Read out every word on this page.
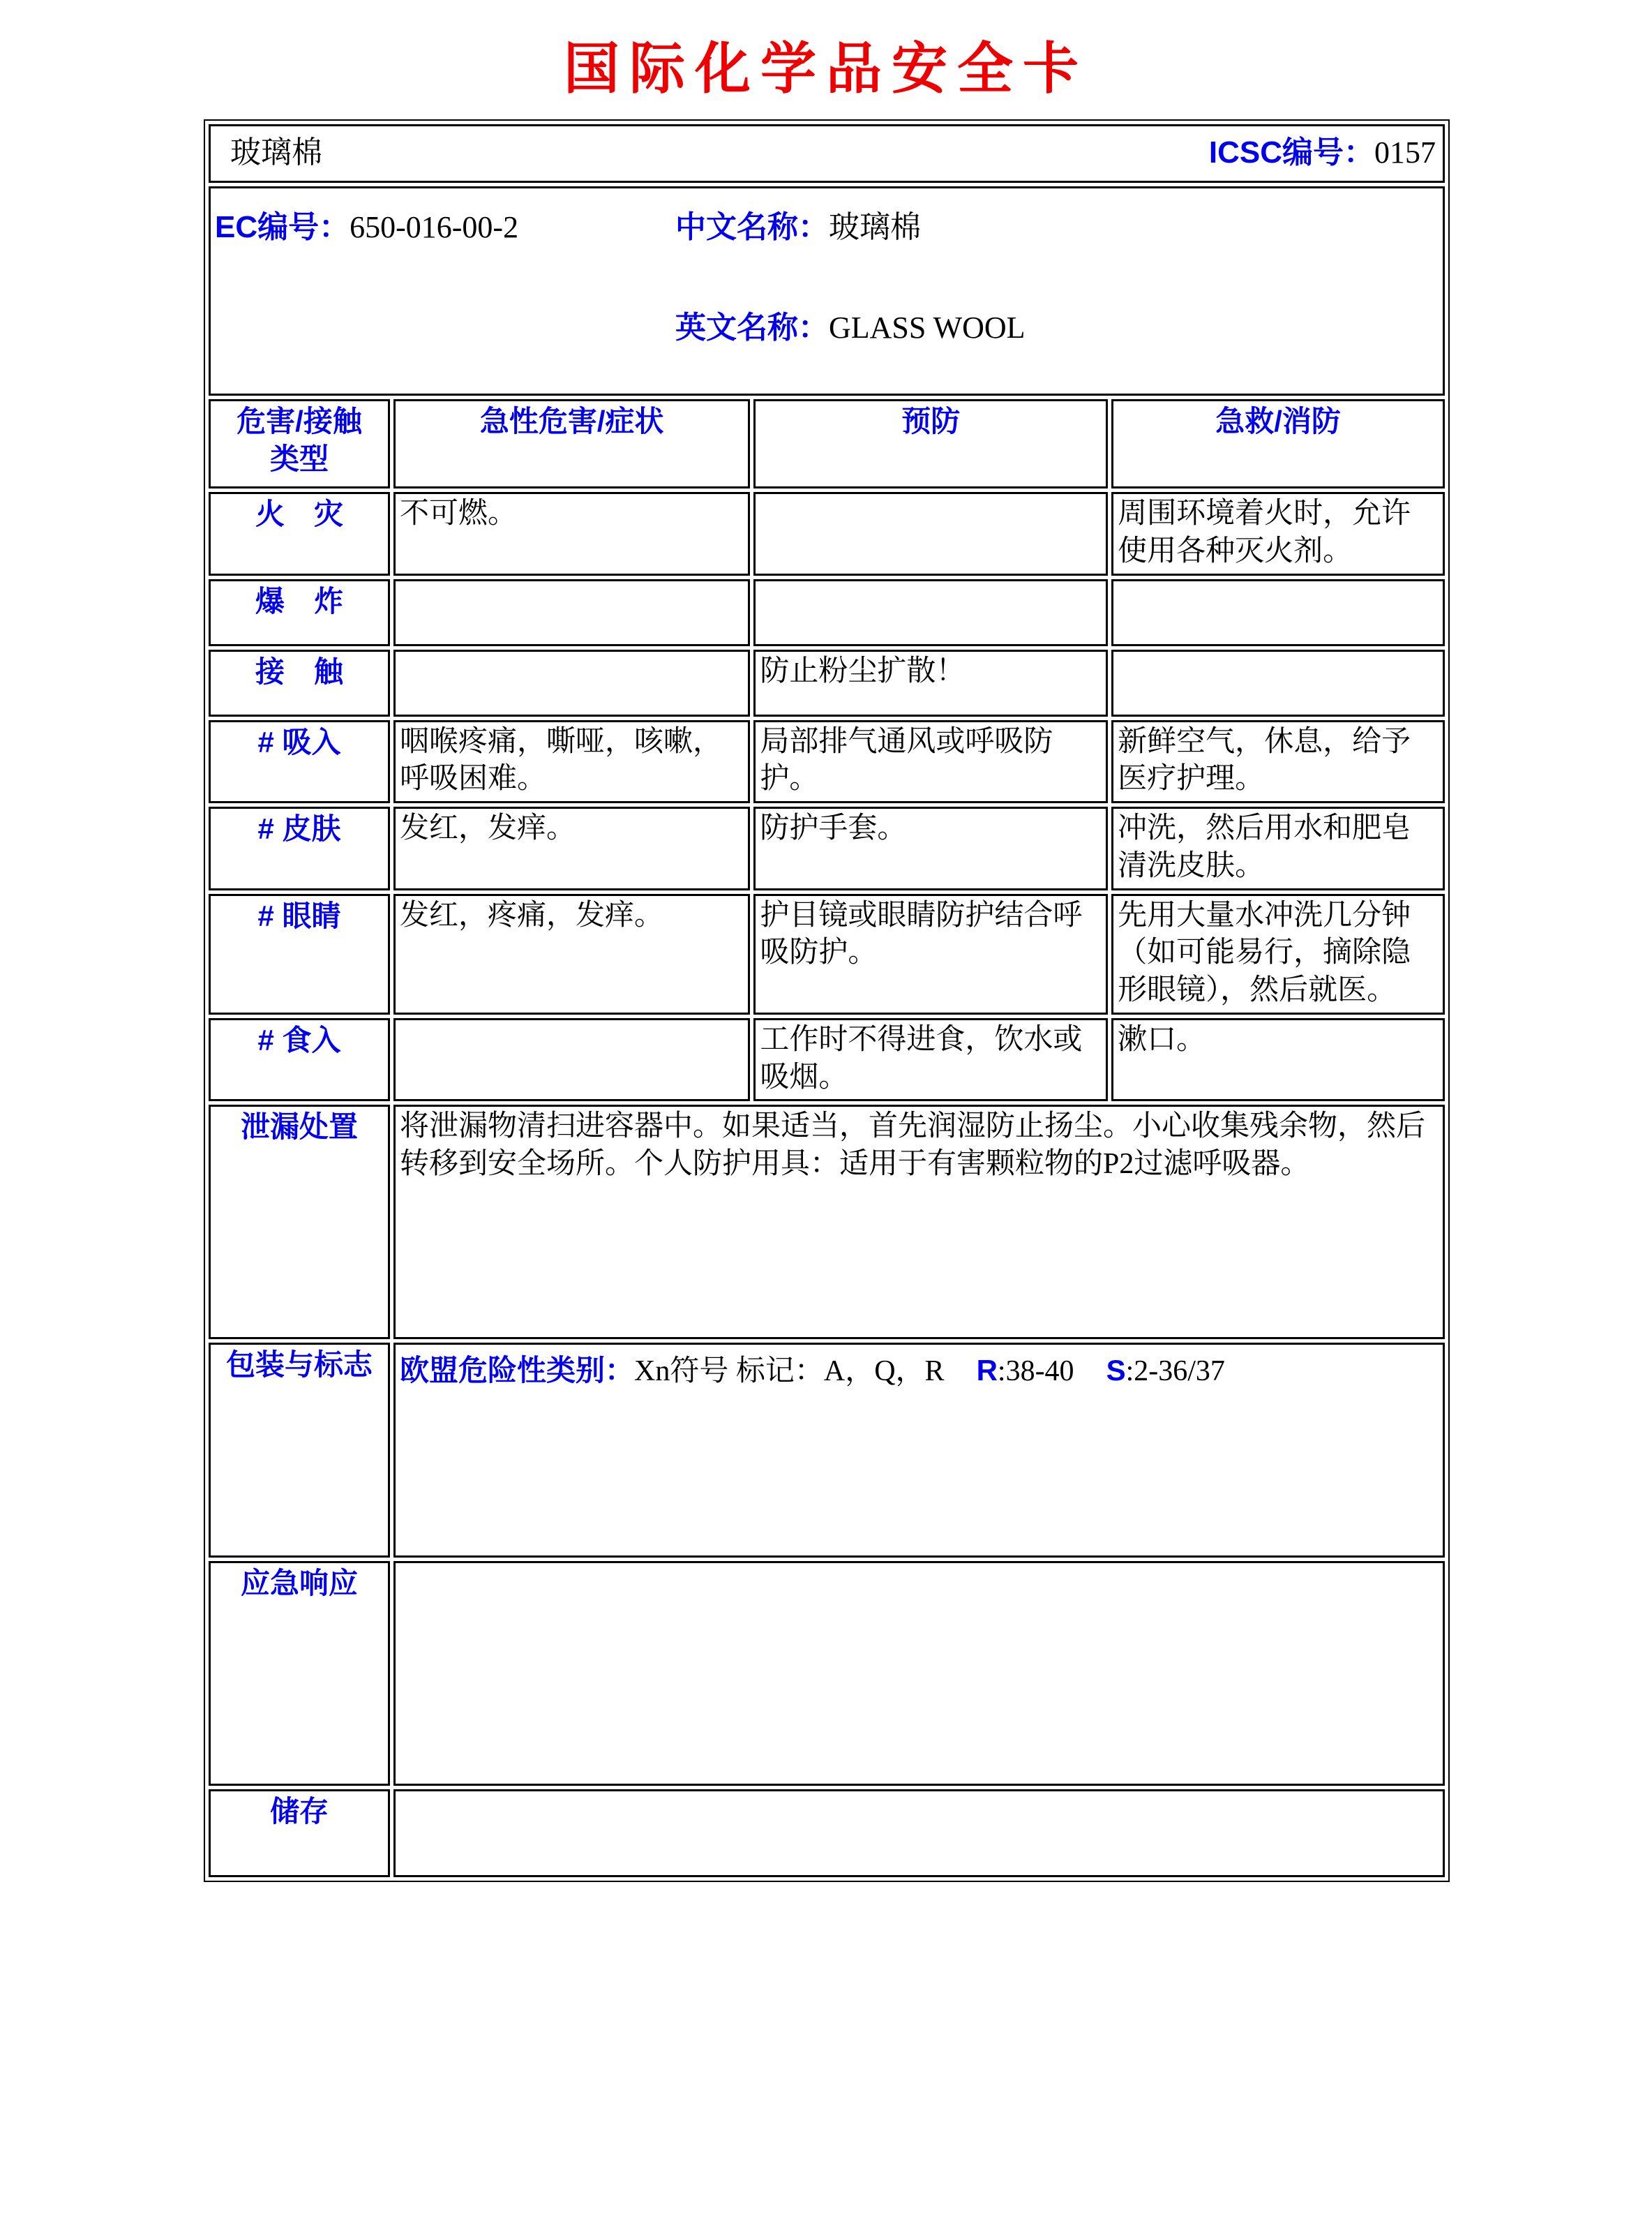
国际化学品安全卡
玻璃棉 ICSC编号：0157			

EC编号：650-016-00-2 中文名称：玻璃棉
英文名称：GLASS WOOL			

危害/接触
类型	急性危害/症状	预防	急救/消防
火　灾	不可燃。		周围环境着火时，允许使用各种灭火剂。
爆　炸			
接　触		防止粉尘扩散！	
# 吸入	咽喉疼痛，嘶哑，咳嗽，呼吸困难。	局部排气通风或呼吸防护。	新鲜空气，休息，给予医疗护理。
# 皮肤	发红，发痒。	防护手套。	冲洗，然后用水和肥皂清洗皮肤。
# 眼睛	发红，疼痛，发痒。	护目镜或眼睛防护结合呼吸防护。	先用大量水冲洗几分钟（如可能易行，摘除隐形眼镜），然后就医。
# 食入		工作时不得进食，饮水或吸烟。	漱口。
泄漏处置	将泄漏物清扫进容器中。如果适当，首先润湿防止扬尘。小心收集残余物，然后转移到安全场所。个人防护用具：适用于有害颗粒物的P2过滤呼吸器。		
包装与标志	欧盟危险性类别：Xn符号 标记：A，Q，R R:38-40 S:2-36/37		

应急响应			
储存			
